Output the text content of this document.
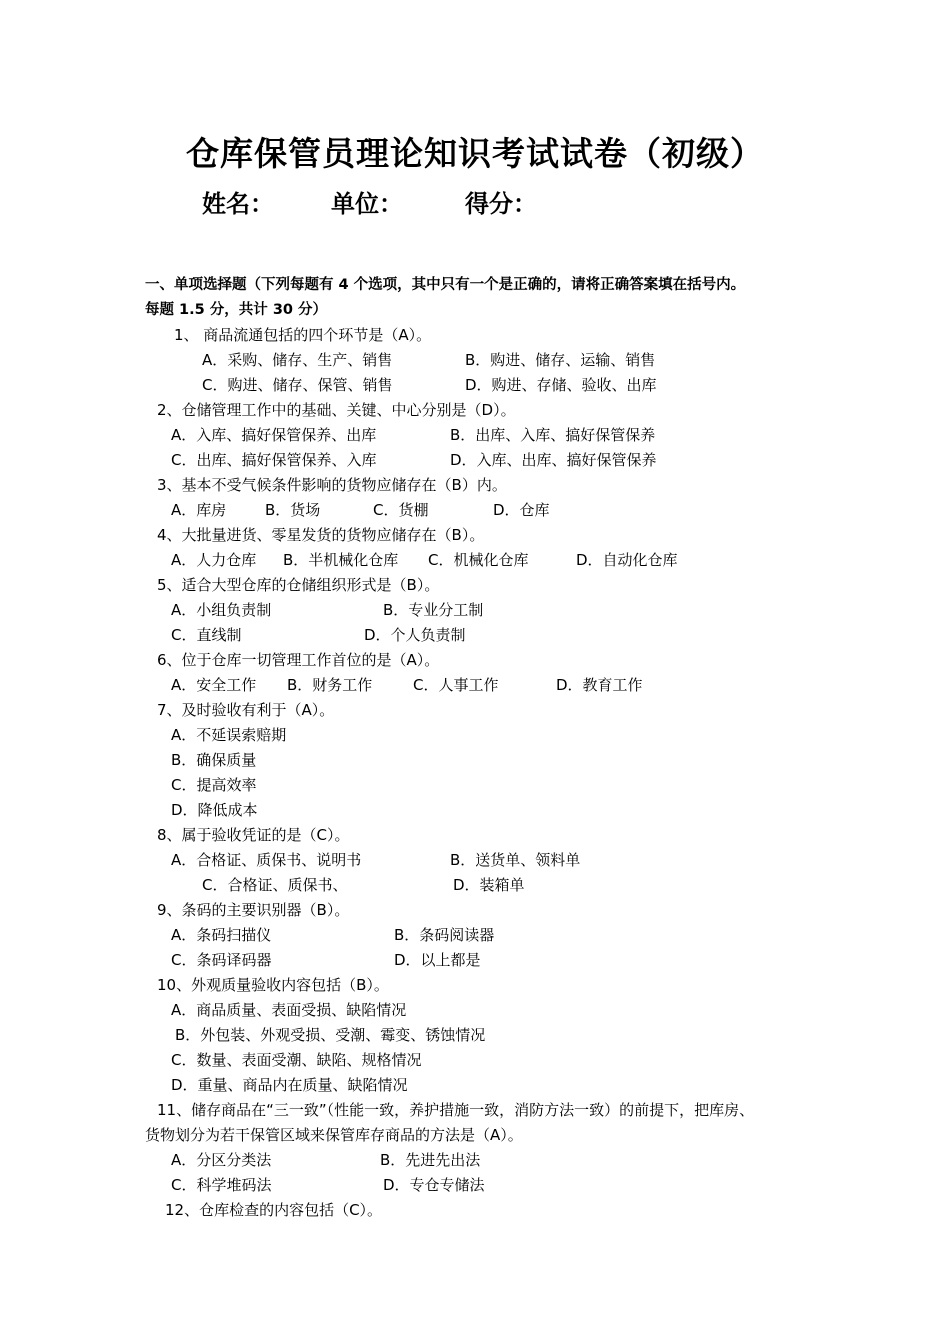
仓库保管员理论知识考试试卷（初级）
姓名： 单位：	得分：
一、单项选择题（下列每题有 4 个选项，其中只有一个是正确的，请将正确答案填在括号内。
每题 1.5 分，共计 30 分）
1、 商品流通包括的四个环节是（A）。
A．采购、储存、生产、销售	B．购进、储存、运输、销售
C．购进、储存、保管、销售	D．购进、存储、验收、出库
2、仓储管理工作中的基础、关键、中心分别是（D）。
A．入库、搞好保管保养、出库	B．出库、入库、搞好保管保养
C．出库、搞好保管保养、入库	D．入库、出库、搞好保管保养
3、基本不受气候条件影响的货物应储存在（B）内。
A．库房	B．货场	C．货棚	D．仓库
4、大批量进货、零星发货的货物应储存在（B）。
A．人力仓库 B．半机械化仓库 C．机械化仓库	D．自动化仓库
5、适合大型仓库的仓储组织形式是（B）。
A．小组负责制	B．专业分工制
C．直线制	D．个人负责制
6、位于仓库一切管理工作首位的是（A）。
A．安全工作 B．财务工作	C．人事工作	D．教育工作
7、及时验收有利于（A）。
A．不延误索赔期
B．确保质量
C．提高效率
D．降低成本
8、属于验收凭证的是（C）。
A．合格证、质保书、说明书	B．送货单、领料单
C．合格证、质保书、	D．装箱单
9、条码的主要识别器（B）。
A．条码扫描仪	B．条码阅读器
C．条码译码器	D．以上都是
10、外观质量验收内容包括（B）。
A．商品质量、表面受损、缺陷情况
B．外包装、外观受损、受潮、霉变、锈蚀情况
C．数量、表面受潮、缺陷、规格情况
D．重量、商品内在质量、缺陷情况
11、储存商品在“三一致”（性能一致，养护措施一致，消防方法一致）的前提下，把库房、
货物划分为若干保管区域来保管库存商品的方法是（A）。
A．分区分类法	B．先进先出法
C．科学堆码法	D．专仓专储法
12、仓库检查的内容包括（C）。
